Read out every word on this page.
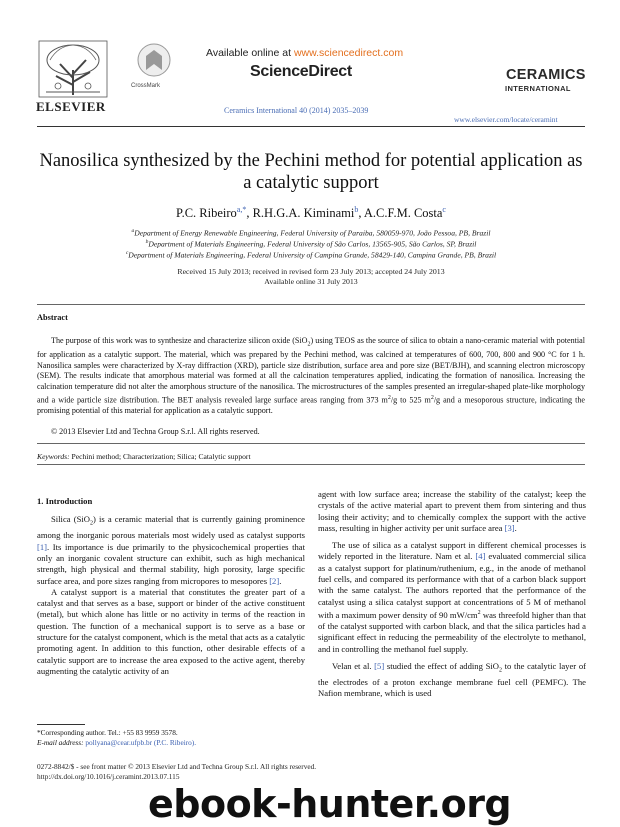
ELSEVIER
CrossMark
Available online at www.sciencedirect.com
ScienceDirect
Ceramics International 40 (2014) 2035–2039
CERAMICS
INTERNATIONAL
www.elsevier.com/locate/ceramint
Nanosilica synthesized by the Pechini method for potential application as a catalytic support
P.C. Ribeiro$^{a,*}$, R.H.G.A. Kiminami$^b$, A.C.F.M. Costa$^c$
$^a$Department of Energy Renewable Engineering, Federal University of Paraiba, 580059-970, João Pessoa, PB, Brazil
$^b$Department of Materials Engineering, Federal University of São Carlos, 13565-905, São Carlos, SP, Brazil
$^c$Department of Materials Engineering, Federal University of Campina Grande, 58429-140, Campina Grande, PB, Brazil
Received 15 July 2013; received in revised form 23 July 2013; accepted 24 July 2013
Available online 31 July 2013
Abstract
The purpose of this work was to synthesize and characterize silicon oxide (SiO$_2$) using TEOS as the source of silica to obtain a nano-ceramic material with potential for application as a catalytic support. The material, which was prepared by the Pechini method, was calcined at temperatures of 600, 700, 800 and 900 °C for 1 h. Nanosilica samples were characterized by X-ray diffraction (XRD), particle size distribution, surface area and pore size (BET/BJH), and scanning electron microscopy (SEM). The results indicate that amorphous material was formed at all the calcination temperatures applied, indicating the formation of nanosilica. Increasing the calcination temperature did not alter the amorphous structure of the nanosilica. The microstructures of the samples presented an irregular-shaped plate-like morphology and a wide particle size distribution. The BET analysis revealed large surface areas ranging from 373 $m^2/g$ to 525 $m^2/g$ and a mesoporous structure, indicating the promising potential of this material for application as a catalytic support.
© 2013 Elsevier Ltd and Techna Group S.r.l. All rights reserved.
Keywords: Pechini method; Characterization; Silica; Catalytic support

1. Introduction

Silica (SiO$_2$) is a ceramic material that is currently gaining prominence among the inorganic porous materials most widely used as catalyst supports [1]. Its importance is due primarily to the physicochemical properties that only an inorganic covalent structure can exhibit, such as high mechanical strength, high physical and thermal stability, high porosity, large specific surface area, and pore sizes ranging from micropores to mesopores [2].

A catalyst support is a material that constitutes the greater part of a catalyst and that serves as a base, support or binder of the active constituent (metal), but which alone has little or no activity in terms of the reaction in question. The function of a mechanical support is to serve as a base or structure for the catalyst component, which is the metal that acts as a catalytic promoting agent. In addition to this function, other desirable effects of a catalytic support are to increase the area exposed to the active agent, thereby augmenting the catalytic activity of an

agent with low surface area; increase the stability of the catalyst; keep the crystals of the active material apart to prevent them from sintering and thus losing their activity; and to chemically complex the support with the active mass, resulting in higher activity per unit surface area [3].

The use of silica as a catalyst support in different chemical processes is widely reported in the literature. Nam et al. [4] evaluated commercial silica as a catalyst support for platinum/ruthenium, e.g., in the anode of methanol fuel cells, and compared its performance with that of a carbon black support with the same catalyst. The authors reported that the performance of the catalyst using a silica catalyst support at concentrations of 5 M of methanol with a maximum power density of 90 $mW/cm^2$ was threefold higher than that of the catalyst supported with carbon black, and that the silica particles had a significant effect in reducing the permeability of the electrolyte to methanol, and in controlling the methanol fuel supply.

Velan et al. [5] studied the effect of adding SiO$_2$ to the catalytic layer of the electrodes of a proton exchange membrane fuel cell (PEMFC). The Nafion membrane, which is used

*Corresponding author. Tel.: +55 83 9959 3578.
E-mail address: pollyana@cear.ufpb.br (P.C. Ribeiro).
0272-8842/$ - see front matter © 2013 Elsevier Ltd and Techna Group S.r.l. All rights reserved.
http://dx.doi.org/10.1016/j.ceramint.2013.07.115
ebook-hunter.org
